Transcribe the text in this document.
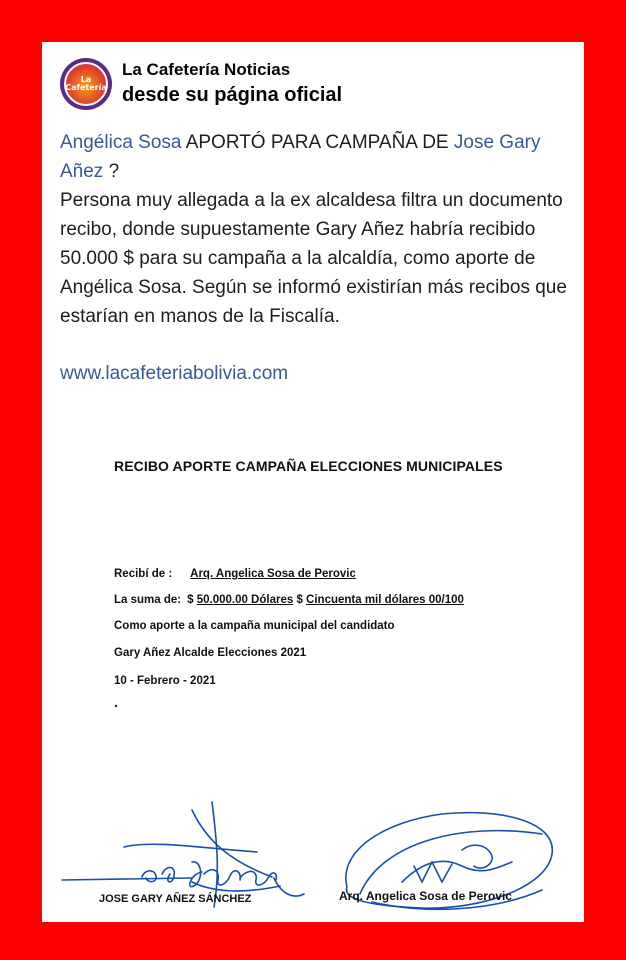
La Cafetería
La Cafetería Noticias
desde su página oficial
Angélica Sosa APORTÓ PARA CAMPAÑA DE Jose Gary Añez ?
Persona muy allegada a la ex alcaldesa filtra un documento recibo, donde supuestamente Gary Añez habría recibido 50.000 $ para su campaña a la alcaldía, como aporte de Angélica Sosa. Según se informó existirían más recibos que estarían en manos de la Fiscalía.
www.lacafeteriabolivia.com
RECIBO APORTE CAMPAÑA ELECCIONES MUNICIPALES
Recibí de : Arq. Angelica Sosa de Perovic
La suma de: $ 50.000.00 Dólares $ Cincuenta mil dólares 00/100
Como aporte a la campaña municipal del candidato
Gary Añez Alcalde Elecciones 2021
10 - Febrero - 2021
.
JOSE GARY AÑEZ SÁNCHEZ	Arq. Angelica Sosa de Perovic
